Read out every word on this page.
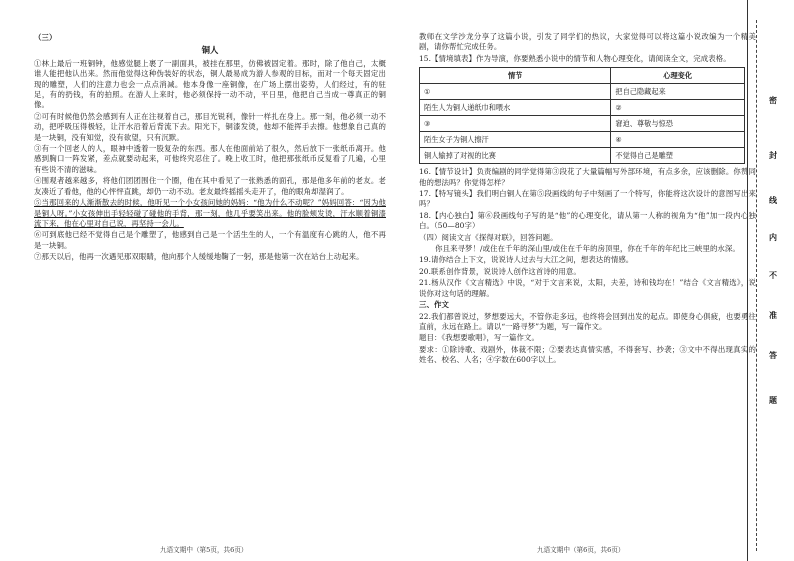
（三）
铜人
①林上最后一班铜钟，他感觉腿上裹了一副面具，被挂在那里，仿佛被固定着。那时，除了他自己，太概谁人能把他认出来。然而他觉得这种伪装好的状态，铜人最易成为游人参观的目标，而对一个每天固定出现的雕塑，人们的注意力也会一点点消减。他本身像一座铜像，在广场上摆出姿势，人们经过，有的驻足，有的扔钱，有的拍照。在游人上来时，他必须保持一动不动，平日里，他把自己当成一尊真正的铜像。
②可有时候他仍然会感到有人正在注视着自己，那目光锐利，像针一样扎在身上。那一刻，他必须一动不动，把呼吸压得极轻，让汗水沿着后背流下去。阳光下，铜漆发烫，他却不能挥手去擦。他想象自己真的是一块铜，没有知觉，没有欲望，只有沉默。
③有一个回老人的人，眼神中透着一股复杂的东西。那人在他面前站了很久，然后放下一张纸币离开。他感到胸口一阵发紧，差点就要动起来，可他终究忍住了。晚上收工时，他把那张纸币反复看了几遍，心里有些说不清的滋味。
④围观者越来越多，将他们团团围住一个圈，他在其中看见了一张熟悉的面孔，那是他多年前的老友。老友凑近了看他，他的心怦怦直跳，却仍一动不动。老友最终摇摇头走开了，他的眼角却湿润了。
⑤当那回来的人渐渐散去的时候，他听见一个小女孩问她的妈妈：“他为什么不动呢？”妈妈回答：“因为他是铜人呀。”小女孩伸出手轻轻碰了碰他的手背，那一刻，他几乎要笑出来。他的脸颊发烫，汗水顺着铜漆流下来，他在心里对自己说，再坚持一会儿。
⑥可到底他已经不觉得自己是个雕塑了，他感到自己是一个活生生的人，一个有温度有心跳的人，他不再是一块铜。
⑦那天以后，他再一次遇见那双眼睛，他向那个人缓缓地鞠了一躬，那是他第一次在站台上动起来。
九语文期中（第5页，共6页）
教师在文学沙龙分享了这篇小说，引发了同学们的热议，大家觉得可以将这篇小说改编为一个精美剧，请你帮忙完成任务。
15.【情境填表】作为导演，你要熟悉小说中的情节和人物心理变化，请阅读全文，完成表格。
情节	心理变化
①	把自己隐藏起来
陌生人为铜人递纸巾和喂水	②
③	窘迫、尊敬与惊恐
陌生女子为铜人擦汗	④
铜人输掉了对视的比赛	不觉得自己是雕塑
16.【情节设计】负责编剧的同学觉得第③段花了大量篇幅写外部环境，有点多余，应该删除。你赞同他的想法吗？你觉得怎样？
17.【特写镜头】我们明白铜人在第⑤段画线的句子中刻画了一个特写，你能将这次设计的意图写出来吗？
18.【内心独白】第⑥段画线句子写的是“他”的心理变化，请从第一人称的视角为“他”加一段内心独白。（50—80字）
（四）阅读文言《探得对联》，回答问题。
你且来寻梦！/或住在千年的深山里/或住在千年的房顶里，你在千年的年纪比三峡里的水深。
19.请你结合上下文，说说诗人过去与大江之间，想表达的情感。
20.联系创作背景，说说诗人创作这首诗的用意。
21.杨从汉作《文言精选》中说，“对于文言来说，太阳，夫差，诗和钱均在！”结合《文言精选》，说说你对这句话的理解。
三、作文
22.我们都曾说过，梦想要远大，不管你走多远，也终将会回到出发的起点。即使身心俱疲，也要勇往直前，永远在路上。请以“一路寻梦”为题，写一篇作文。
题目：《我想要歌唱》，写一篇作文。
要求：①除诗歌、戏剧外，体裁不限；②要表达真情实感，不得套写、抄袭；③文中不得出现真实的姓名、校名、人名；④字数在600字以上。
九语文期中（第6页，共6页）
密
封
线
内
不
准
答
题
